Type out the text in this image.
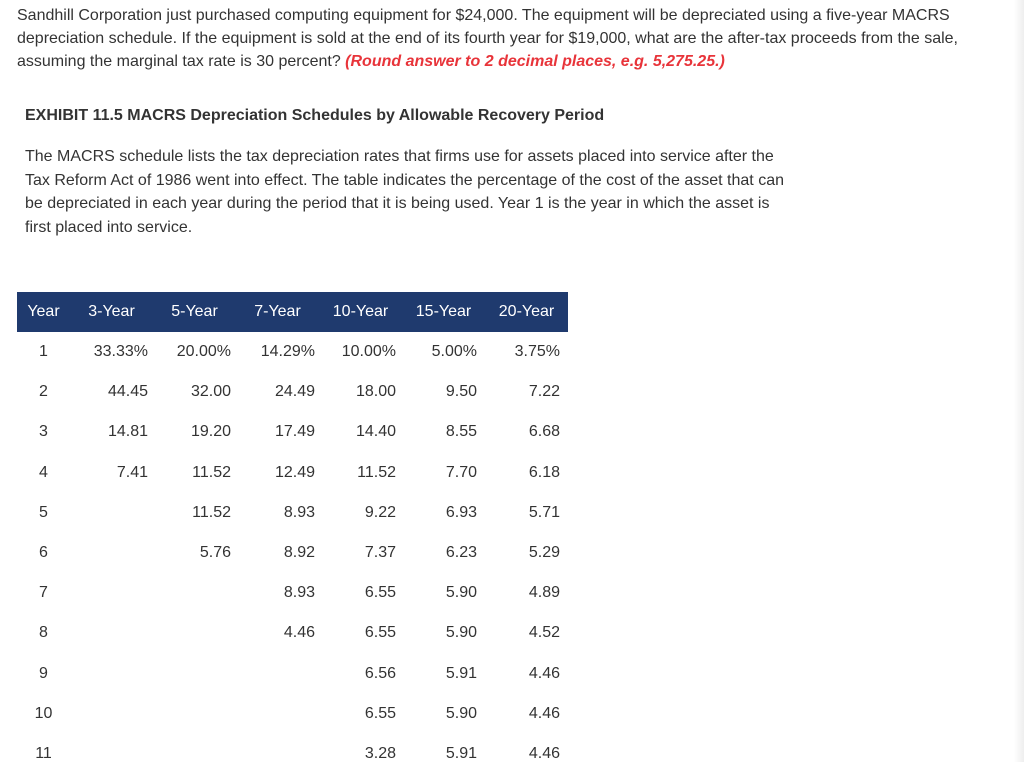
Sandhill Corporation just purchased computing equipment for $24,000. The equipment will be depreciated using a five-year MACRS depreciation schedule. If the equipment is sold at the end of its fourth year for $19,000, what are the after-tax proceeds from the sale, assuming the marginal tax rate is 30 percent? (Round answer to 2 decimal places, e.g. 5,275.25.)
EXHIBIT 11.5 MACRS Depreciation Schedules by Allowable Recovery Period
The MACRS schedule lists the tax depreciation rates that firms use for assets placed into service after the Tax Reform Act of 1986 went into effect. The table indicates the percentage of the cost of the asset that can be depreciated in each year during the period that it is being used. Year 1 is the year in which the asset is first placed into service.
Year	3-Year	5-Year	7-Year	10-Year	15-Year	20-Year
1	33.33%	20.00%	14.29%	10.00%	5.00%	3.75%
2	44.45	32.00	24.49	18.00	9.50	7.22
3	14.81	19.20	17.49	14.40	8.55	6.68
4	7.41	11.52	12.49	11.52	7.70	6.18
5		11.52	8.93	9.22	6.93	5.71
6		5.76	8.92	7.37	6.23	5.29
7			8.93	6.55	5.90	4.89
8			4.46	6.55	5.90	4.52
9				6.56	5.91	4.46
10				6.55	5.90	4.46
11				3.28	5.91	4.46
